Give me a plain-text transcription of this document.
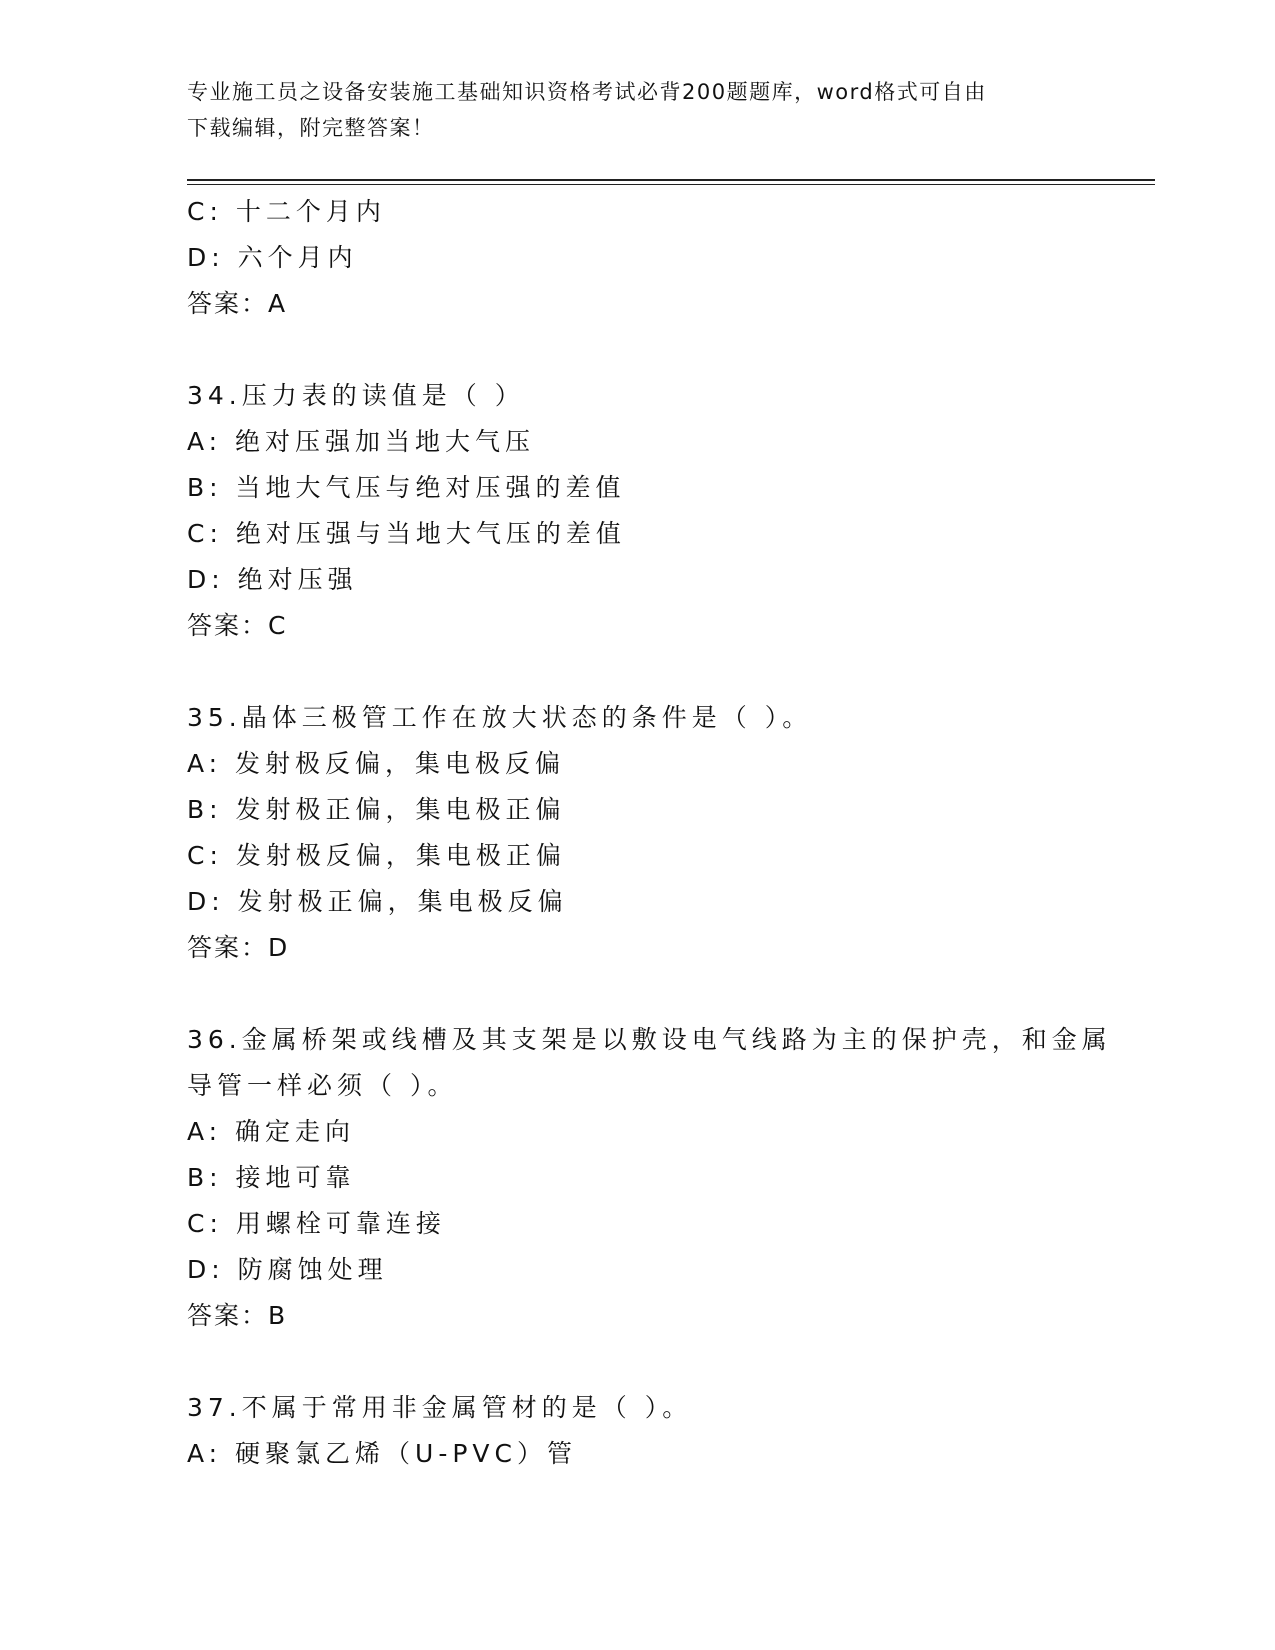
专业施工员之设备安装施工基础知识资格考试必背200题题库，word格式可自由
下载编辑，附完整答案！
C: 十二个月内
D: 六个月内
答案：A
34.压力表的读值是（ ）
A: 绝对压强加当地大气压
B: 当地大气压与绝对压强的差值
C: 绝对压强与当地大气压的差值
D: 绝对压强
答案：C
35.晶体三极管工作在放大状态的条件是（ ）。
A: 发射极反偏，集电极反偏
B: 发射极正偏，集电极正偏
C: 发射极反偏，集电极正偏
D: 发射极正偏，集电极反偏
答案：D
36.金属桥架或线槽及其支架是以敷设电气线路为主的保护壳，和金属
导管一样必须（ ）。
A: 确定走向
B: 接地可靠
C: 用螺栓可靠连接
D: 防腐蚀处理
答案：B
37.不属于常用非金属管材的是（ ）。
A: 硬聚氯乙烯（U-PVC）管
